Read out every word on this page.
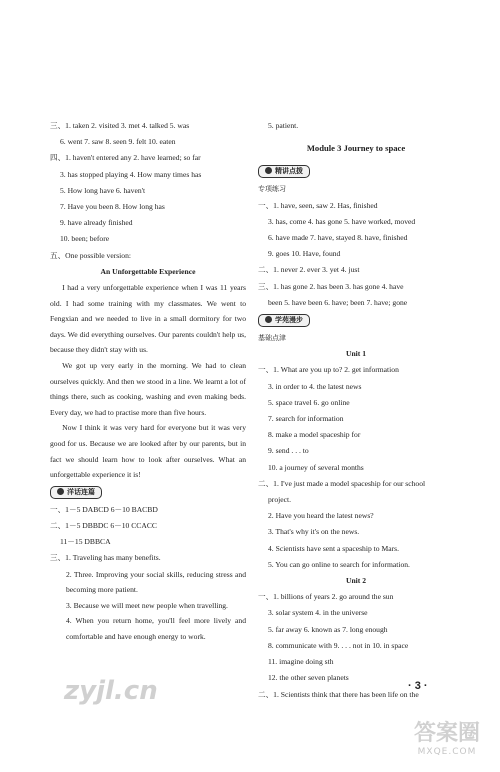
三、1. taken 2. visited 3. met 4. talked 5. was
6. went 7. saw 8. seen 9. felt 10. eaten
四、1. haven't entered any 2. have learned; so far
3. has stopped playing 4. How many times has
5. How long have 6. haven't
7. Have you been 8. How long has
9. have already finished
10. been; before
五、One possible version:
An Unforgettable Experience
I had a very unforgettable experience when I was 11 years old. I had some training with my classmates. We went to Fengxian and we needed to live in a small dormitory for two days. We did everything ourselves. Our parents couldn't help us, because they didn't stay with us.
We got up very early in the morning. We had to clean ourselves quickly. And then we stood in a line. We learnt a lot of things there, such as cooking, washing and even making beds. Every day, we had to practise more than five hours.
Now I think it was very hard for everyone but it was very good for us. Because we are looked after by our parents, but in fact we should learn how to look after ourselves. What an unforgettable experience it is!
洋话连篇
一、1－5 DABCD 6－10 BACBD
二、1－5 DBBDC 6－10 CCACC
11－15 DBBCA
三、1. Traveling has many benefits.
2. Three. Improving your social skills, reducing stress and becoming more patient.
3. Because we will meet new people when travelling.
4. When you return home, you'll feel more lively and comfortable and have enough energy to work.
5. patient.
Module 3 Journey to space
精讲点拨
专项练习
一、1. have, seen, saw 2. Has, finished
3. has, come 4. has gone 5. have worked, moved
6. have made 7. have, stayed 8. have, finished
9. goes 10. Have, found
二、1. never 2. ever 3. yet 4. just
三、1. has gone 2. has been 3. has gone 4. have
been 5. have been 6. have; been 7. have; gone
学苑漫步
基础点津
Unit 1
一、1. What are you up to? 2. get information
3. in order to 4. the latest news
5. space travel 6. go online
7. search for information
8. make a model spaceship for
9. send . . . to
10. a journey of several months
二、1. I've just made a model spaceship for our school
project.
2. Have you heard the latest news?
3. That's why it's on the news.
4. Scientists have sent a spaceship to Mars.
5. You can go online to search for information.
Unit 2
一、1. billions of years 2. go around the sun
3. solar system 4. in the universe
5. far away 6. known as 7. long enough
8. communicate with 9. . . . not in 10. in space
11. imagine doing sth
12. the other seven planets
二、1. Scientists think that there has been life on the
· 3 ·
zyjl.cn
答案圈
MXQE.COM
